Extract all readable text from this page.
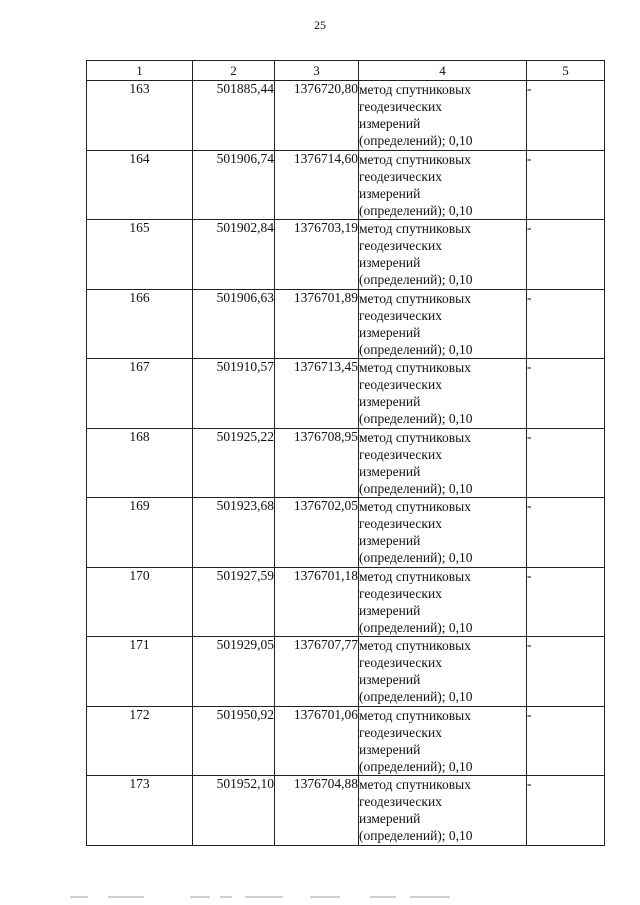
25
1	2	3	4	5
163	501885,44	1376720,80	метод спутниковых
геодезических
измерений
(определений); 0,10	-
164	501906,74	1376714,60	метод спутниковых
геодезических
измерений
(определений); 0,10	-
165	501902,84	1376703,19	метод спутниковых
геодезических
измерений
(определений); 0,10	-
166	501906,63	1376701,89	метод спутниковых
геодезических
измерений
(определений); 0,10	-
167	501910,57	1376713,45	метод спутниковых
геодезических
измерений
(определений); 0,10	-
168	501925,22	1376708,95	метод спутниковых
геодезических
измерений
(определений); 0,10	-
169	501923,68	1376702,05	метод спутниковых
геодезических
измерений
(определений); 0,10	-
170	501927,59	1376701,18	метод спутниковых
геодезических
измерений
(определений); 0,10	-
171	501929,05	1376707,77	метод спутниковых
геодезических
измерений
(определений); 0,10	-
172	501950,92	1376701,06	метод спутниковых
геодезических
измерений
(определений); 0,10	-
173	501952,10	1376704,88	метод спутниковых
геодезических
измерений
(определений); 0,10	-
